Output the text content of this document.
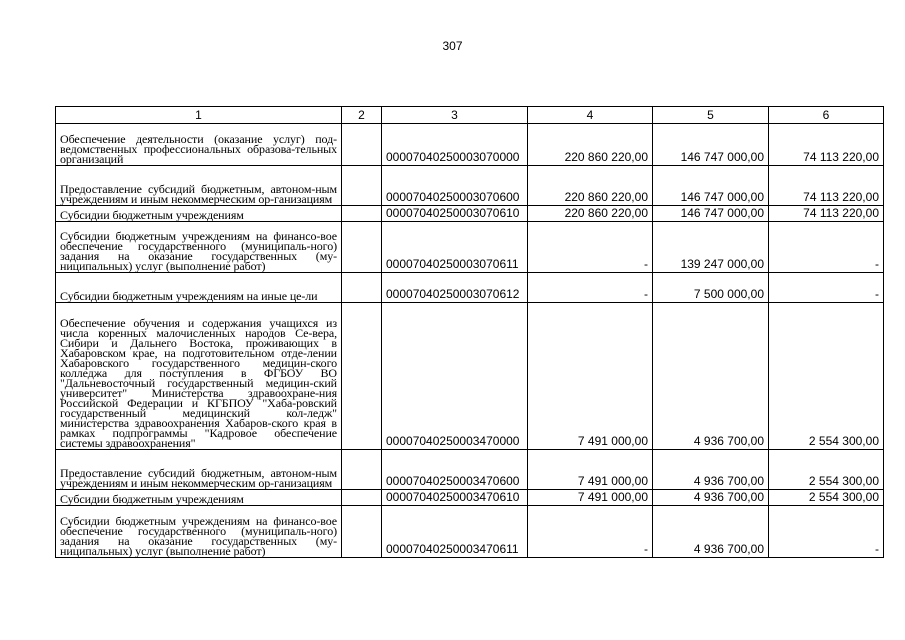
307
1	2	3	4	5	6
Обеспечение деятельности (оказание услуг) под-ведомственных профессиональных образова-тельных организаций		00007040250003070000	220 860 220,00	146 747 000,00	74 113 220,00
Предоставление субсидий бюджетным, автоном-ным учреждениям и иным некоммерческим ор-ганизациям		00007040250003070600	220 860 220,00	146 747 000,00	74 113 220,00
Субсидии бюджетным учреждениям		00007040250003070610	220 860 220,00	146 747 000,00	74 113 220,00
Субсидии бюджетным учреждениям на финансо-вое обеспечение государственного (муниципаль-ного) задания на оказание государственных (му-ниципальных) услуг (выполнение работ)		00007040250003070611	-	139 247 000,00	-
Субсидии бюджетным учреждениям на иные це-ли		00007040250003070612	-	7 500 000,00	-
Обеспечение обучения и содержания учащихся из числа коренных малочисленных народов Се-вера, Сибири и Дальнего Востока, проживающих в Хабаровском крае, на подготовительном отде-лении Хабаровского государственного медицин-ского колледжа для поступления в ФГБОУ ВО "Дальневосточный государственный медицин-ский университет" Министерства здравоохране-ния Российской Федерации и КГБПОУ "Хаба-ровский государственный медицинский кол-ледж" министерства здравоохранения Хабаров-ского края в рамках подпрограммы "Кадровое обеспечение системы здравоохранения"		00007040250003470000	7 491 000,00	4 936 700,00	2 554 300,00
Предоставление субсидий бюджетным, автоном-ным учреждениям и иным некоммерческим ор-ганизациям		00007040250003470600	7 491 000,00	4 936 700,00	2 554 300,00
Субсидии бюджетным учреждениям		00007040250003470610	7 491 000,00	4 936 700,00	2 554 300,00
Субсидии бюджетным учреждениям на финансо-вое обеспечение государственного (муниципаль-ного) задания на оказание государственных (му-ниципальных) услуг (выполнение работ)		00007040250003470611	-	4 936 700,00	-
